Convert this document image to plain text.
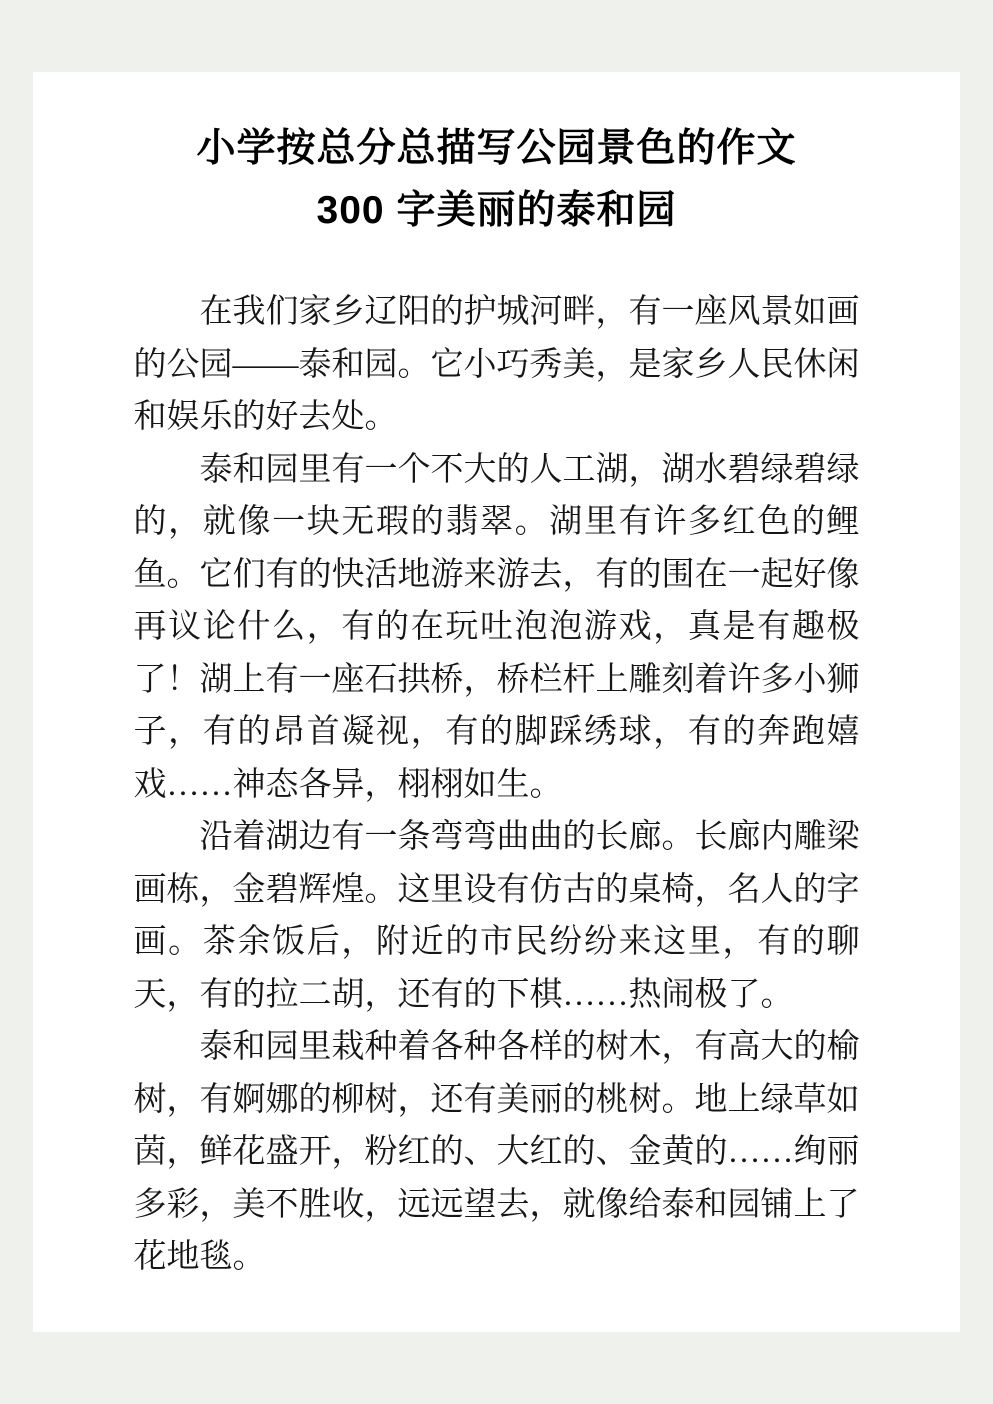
小学按总分总描写公园景色的作文
300 字美丽的泰和园

在我们家乡辽阳的护城河畔，有一座风景如画的公园——泰和园。它小巧秀美，是家乡人民休闲和娱乐的好去处。

泰和园里有一个不大的人工湖，湖水碧绿碧绿的，就像一块无瑕的翡翠。湖里有许多红色的鲤鱼。它们有的快活地游来游去，有的围在一起好像再议论什么，有的在玩吐泡泡游戏，真是有趣极了！湖上有一座石拱桥，桥栏杆上雕刻着许多小狮子，有的昂首凝视，有的脚踩绣球，有的奔跑嬉戏……神态各异，栩栩如生。

沿着湖边有一条弯弯曲曲的长廊。长廊内雕梁画栋，金碧辉煌。这里设有仿古的桌椅，名人的字画。茶余饭后，附近的市民纷纷来这里，有的聊天，有的拉二胡，还有的下棋……热闹极了。

泰和园里栽种着各种各样的树木，有高大的榆树，有婀娜的柳树，还有美丽的桃树。地上绿草如茵，鲜花盛开，粉红的、大红的、金黄的……绚丽多彩，美不胜收，远远望去，就像给泰和园铺上了花地毯。
